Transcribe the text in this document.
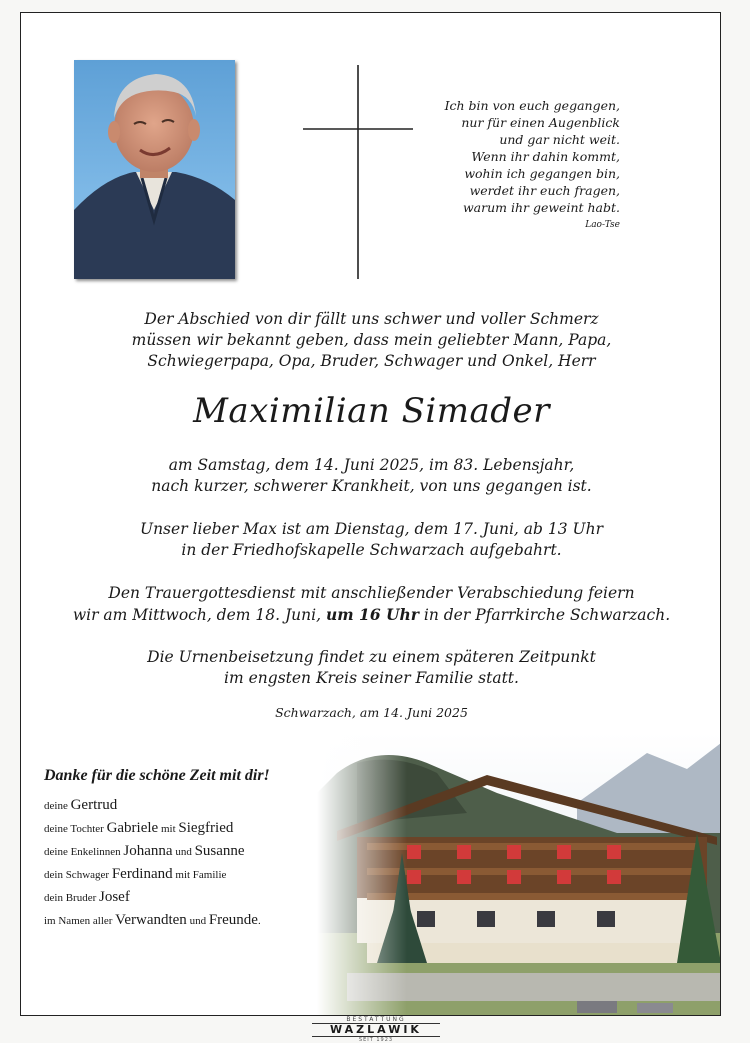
Ich bin von euch gegangen,
nur für einen Augenblick
und gar nicht weit.
Wenn ihr dahin kommt,
wohin ich gegangen bin,
werdet ihr euch fragen,
warum ihr geweint habt.
Lao-Tse
Der Abschied von dir fällt uns schwer und voller Schmerz
müssen wir bekannt geben, dass mein geliebter Mann, Papa,
Schwiegerpapa, Opa, Bruder, Schwager und Onkel, Herr
Maximilian Simader
am Samstag, dem 14. Juni 2025, im 83. Lebensjahr,
nach kurzer, schwerer Krankheit, von uns gegangen ist.
Unser lieber Max ist am Dienstag, dem 17. Juni, ab 13 Uhr
in der Friedhofskapelle Schwarzach aufgebahrt.
Den Trauergottesdienst mit anschließender Verabschiedung feiern
wir am Mittwoch, dem 18. Juni, um 16 Uhr in der Pfarrkirche Schwarzach.
Die Urnenbeisetzung findet zu einem späteren Zeitpunkt
im engsten Kreis seiner Familie statt.
Schwarzach, am 14. Juni 2025
Danke für die schöne Zeit mit dir!
deine Gertrud
deine Tochter Gabriele mit Siegfried
deine Enkelinnen Johanna und Susanne
dein Schwager Ferdinand mit Familie
dein Bruder Josef
im Namen aller Verwandten und Freunde.
BESTATTUNG
WAZLAWIK
SEIT 1923
